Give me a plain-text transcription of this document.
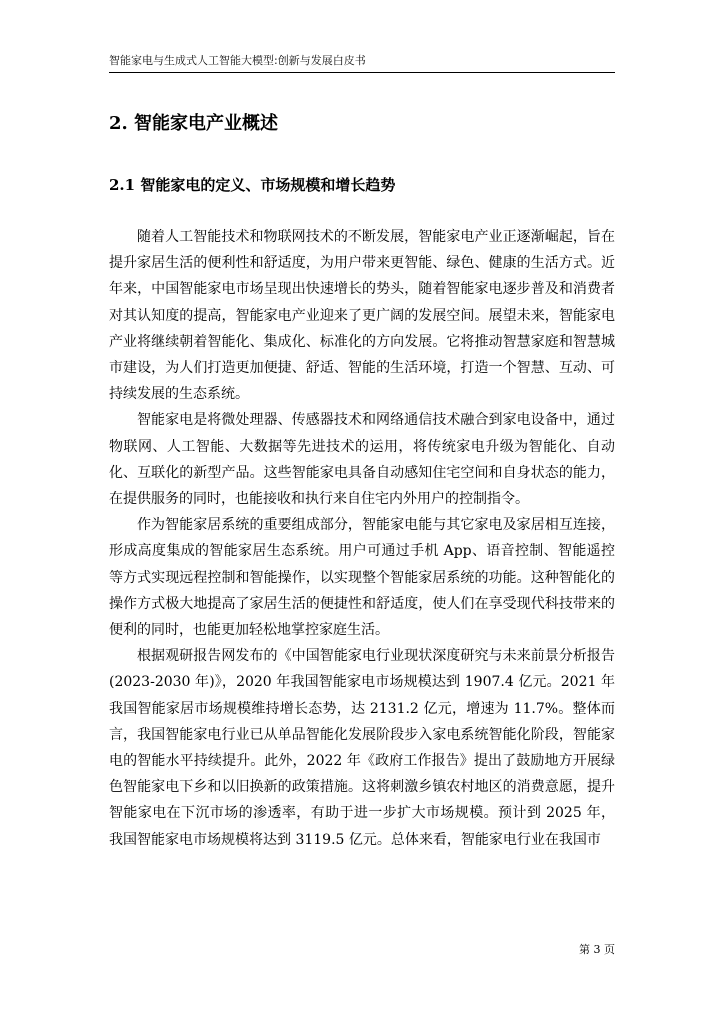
智能家电与生成式人工智能大模型:创新与发展白皮书
2. 智能家电产业概述
2.1 智能家电的定义、市场规模和增长趋势

随着人工智能技术和物联网技术的不断发展，智能家电产业正逐渐崛起，旨在提升家居生活的便利性和舒适度，为用户带来更智能、绿色、健康的生活方式。近年来，中国智能家电市场呈现出快速增长的势头，随着智能家电逐步普及和消费者对其认知度的提高，智能家电产业迎来了更广阔的发展空间。展望未来，智能家电产业将继续朝着智能化、集成化、标准化的方向发展。它将推动智慧家庭和智慧城市建设，为人们打造更加便捷、舒适、智能的生活环境，打造一个智慧、互动、可持续发展的生态系统。

智能家电是将微处理器、传感器技术和网络通信技术融合到家电设备中，通过物联网、人工智能、大数据等先进技术的运用，将传统家电升级为智能化、自动化、互联化的新型产品。这些智能家电具备自动感知住宅空间和自身状态的能力，在提供服务的同时，也能接收和执行来自住宅内外用户的控制指令。

作为智能家居系统的重要组成部分，智能家电能与其它家电及家居相互连接，形成高度集成的智能家居生态系统。用户可通过手机 App、语音控制、智能遥控等方式实现远程控制和智能操作，以实现整个智能家居系统的功能。这种智能化的操作方式极大地提高了家居生活的便捷性和舒适度，使人们在享受现代科技带来的便利的同时，也能更加轻松地掌控家庭生活。

根据观研报告网发布的《中国智能家电行业现状深度研究与未来前景分析报告(2023-2030 年)》，2020 年我国智能家电市场规模达到 1907.4 亿元。2021 年我国智能家居市场规模维持增长态势，达 2131.2 亿元，增速为 11.7%。整体而言，我国智能家电行业已从单品智能化发展阶段步入家电系统智能化阶段，智能家电的智能水平持续提升。此外，2022 年《政府工作报告》提出了鼓励地方开展绿色智能家电下乡和以旧换新的政策措施。这将刺激乡镇农村地区的消费意愿，提升智能家电在下沉市场的渗透率，有助于进一步扩大市场规模。预计到 2025 年，我国智能家电市场规模将达到 3119.5 亿元。总体来看，智能家电行业在我国市

第 3 页
